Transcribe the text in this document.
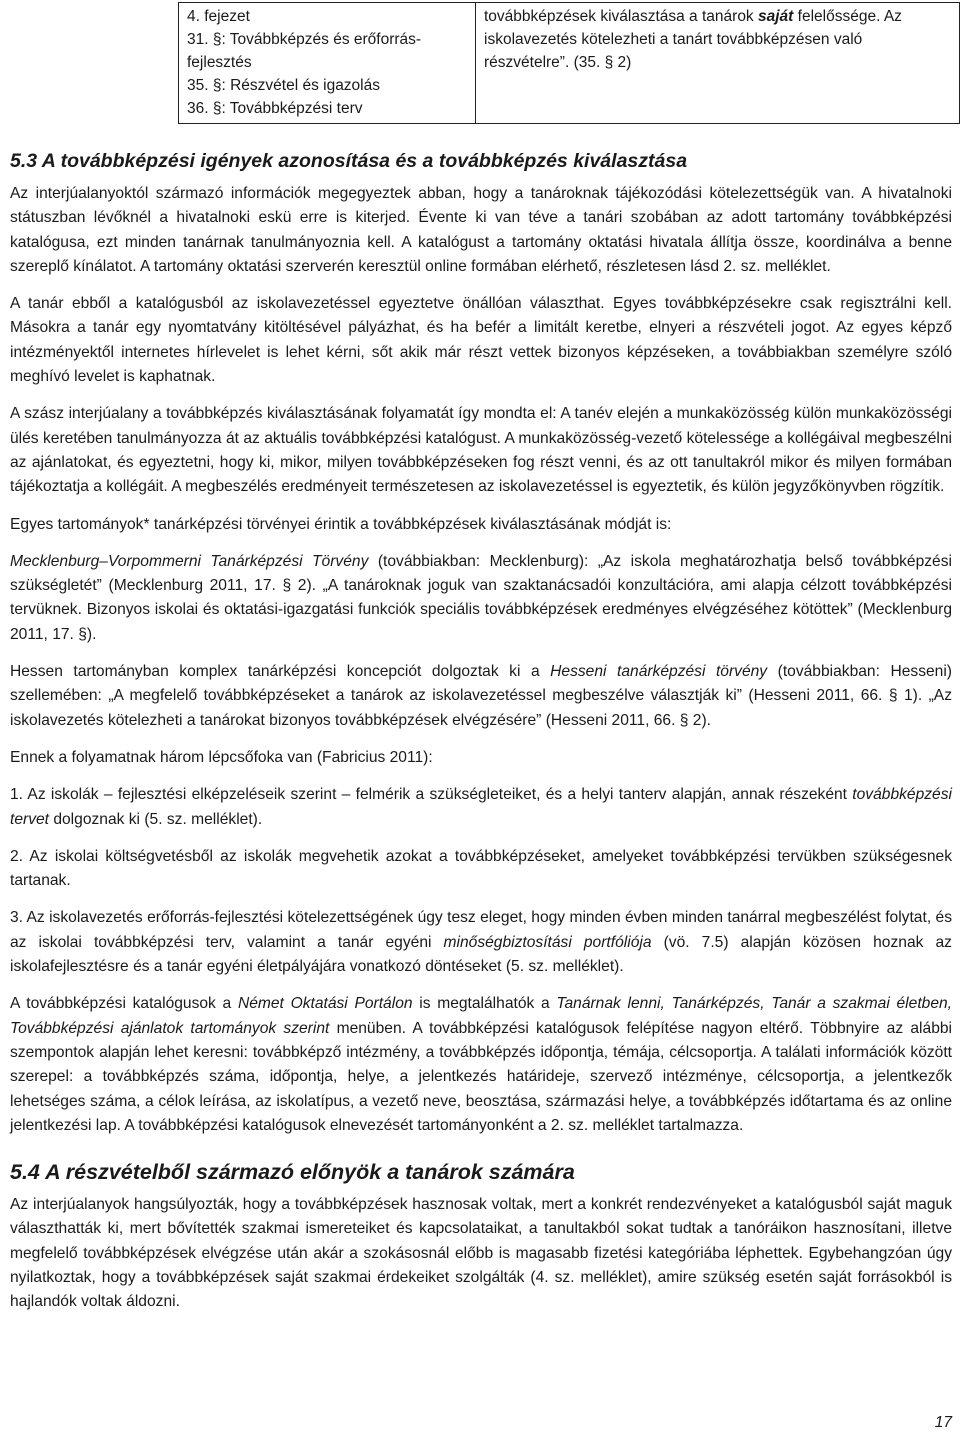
4. fejezet
31. §: Továbbképzés és erőforrás-fejlesztés
35. §: Részvétel és igazolás
36. §: Továbbképzési terv
	továbbképzések kiválasztása a tanárok saját felelőssége. Az iskolavezetés kötelezheti a tanárt továbbképzésen való részvételre”. (35. § 2)
5.3 A továbbképzési igények azonosítása és a továbbképzés kiválasztása

Az interjúalanyoktól származó információk megegyeztek abban, hogy a tanároknak tájékozódási kötelezettségük van. A hivatalnoki státuszban lévőknél a hivatalnoki eskü erre is kiterjed. Évente ki van téve a tanári szobában az adott tartomány továbbképzési katalógusa, ezt minden tanárnak tanulmányoznia kell. A katalógust a tartomány oktatási hivatala állítja össze, koordinálva a benne szereplő kínálatot. A tartomány oktatási szerverén keresztül online formában elérhető, részletesen lásd 2. sz. melléklet.

A tanár ebből a katalógusból az iskolavezetéssel egyeztetve önállóan választhat. Egyes továbbképzésekre csak regisztrálni kell. Másokra a tanár egy nyomtatvány kitöltésével pályázhat, és ha befér a limitált keretbe, elnyeri a részvételi jogot. Az egyes képző intézményektől internetes hírlevelet is lehet kérni, sőt akik már részt vettek bizonyos képzéseken, a továbbiakban személyre szóló meghívó levelet is kaphatnak.

A szász interjúalany a továbbképzés kiválasztásának folyamatát így mondta el: A tanév elején a munkaközösség külön munkaközösségi ülés keretében tanulmányozza át az aktuális továbbképzési katalógust. A munkaközösség-vezető kötelessége a kollégáival megbeszélni az ajánlatokat, és egyeztetni, hogy ki, mikor, milyen továbbképzéseken fog részt venni, és az ott tanultakról mikor és milyen formában tájékoztatja a kollégáit. A megbeszélés eredményeit természetesen az iskolavezetéssel is egyeztetik, és külön jegyzőkönyvben rögzítik.

Egyes tartományok* tanárképzési törvényei érintik a továbbképzések kiválasztásának módját is:

Mecklenburg–Vorpommerni Tanárképzési Törvény (továbbiakban: Mecklenburg): „Az iskola meghatározhatja belső továbbképzési szükségletét” (Mecklenburg 2011, 17. § 2). „A tanároknak joguk van szaktanácsadói konzultációra, ami alapja célzott továbbképzési tervüknek. Bizonyos iskolai és oktatási-igazgatási funkciók speciális továbbképzések eredményes elvégzéséhez kötöttek” (Mecklenburg 2011, 17. §).

Hessen tartományban komplex tanárképzési koncepciót dolgoztak ki a Hesseni tanárképzési törvény (továbbiakban: Hesseni) szellemében: „A megfelelő továbbképzéseket a tanárok az iskolavezetéssel megbeszélve választják ki” (Hesseni 2011, 66. § 1). „Az iskolavezetés kötelezheti a tanárokat bizonyos továbbképzések elvégzésére” (Hesseni 2011, 66. § 2).

Ennek a folyamatnak három lépcsőfoka van (Fabricius 2011):

1. Az iskolák – fejlesztési elképzeléseik szerint – felmérik a szükségleteiket, és a helyi tanterv alapján, annak részeként továbbképzési tervet dolgoznak ki (5. sz. melléklet).

2. Az iskolai költségvetésből az iskolák megvehetik azokat a továbbképzéseket, amelyeket továbbképzési tervükben szükségesnek tartanak.

3. Az iskolavezetés erőforrás-fejlesztési kötelezettségének úgy tesz eleget, hogy minden évben minden tanárral megbeszélést folytat, és az iskolai továbbképzési terv, valamint a tanár egyéni minőségbiztosítási portfóliója (vö. 7.5) alapján közösen hoznak az iskolafejlesztésre és a tanár egyéni életpályájára vonatkozó döntéseket (5. sz. melléklet).

A továbbképzési katalógusok a Német Oktatási Portálon is megtalálhatók a Tanárnak lenni, Tanárképzés, Tanár a szakmai életben, Továbbképzési ajánlatok tartományok szerint menüben. A továbbképzési katalógusok felépítése nagyon eltérő. Többnyire az alábbi szempontok alapján lehet keresni: továbbképző intézmény, a továbbképzés időpontja, témája, célcsoportja. A találati információk között szerepel: a továbbképzés száma, időpontja, helye, a jelentkezés határideje, szervező intézménye, célcsoportja, a jelentkezők lehetséges száma, a célok leírása, az iskolatípus, a vezető neve, beosztása, származási helye, a továbbképzés időtartama és az online jelentkezési lap. A továbbképzési katalógusok elnevezését tartományonként a 2. sz. melléklet tartalmazza.

5.4 A részvételből származó előnyök a tanárok számára

Az interjúalanyok hangsúlyozták, hogy a továbbképzések hasznosak voltak, mert a konkrét rendezvényeket a katalógusból saját maguk választhatták ki, mert bővítették szakmai ismereteiket és kapcsolataikat, a tanultakból sokat tudtak a tanóráikon hasznosítani, illetve megfelelő továbbképzések elvégzése után akár a szokásosnál előbb is magasabb fizetési kategóriába léphettek. Egybehangzóan úgy nyilatkoztak, hogy a továbbképzések saját szakmai érdekeiket szolgálták (4. sz. melléklet), amire szükség esetén saját forrásokból is hajlandók voltak áldozni.

17
